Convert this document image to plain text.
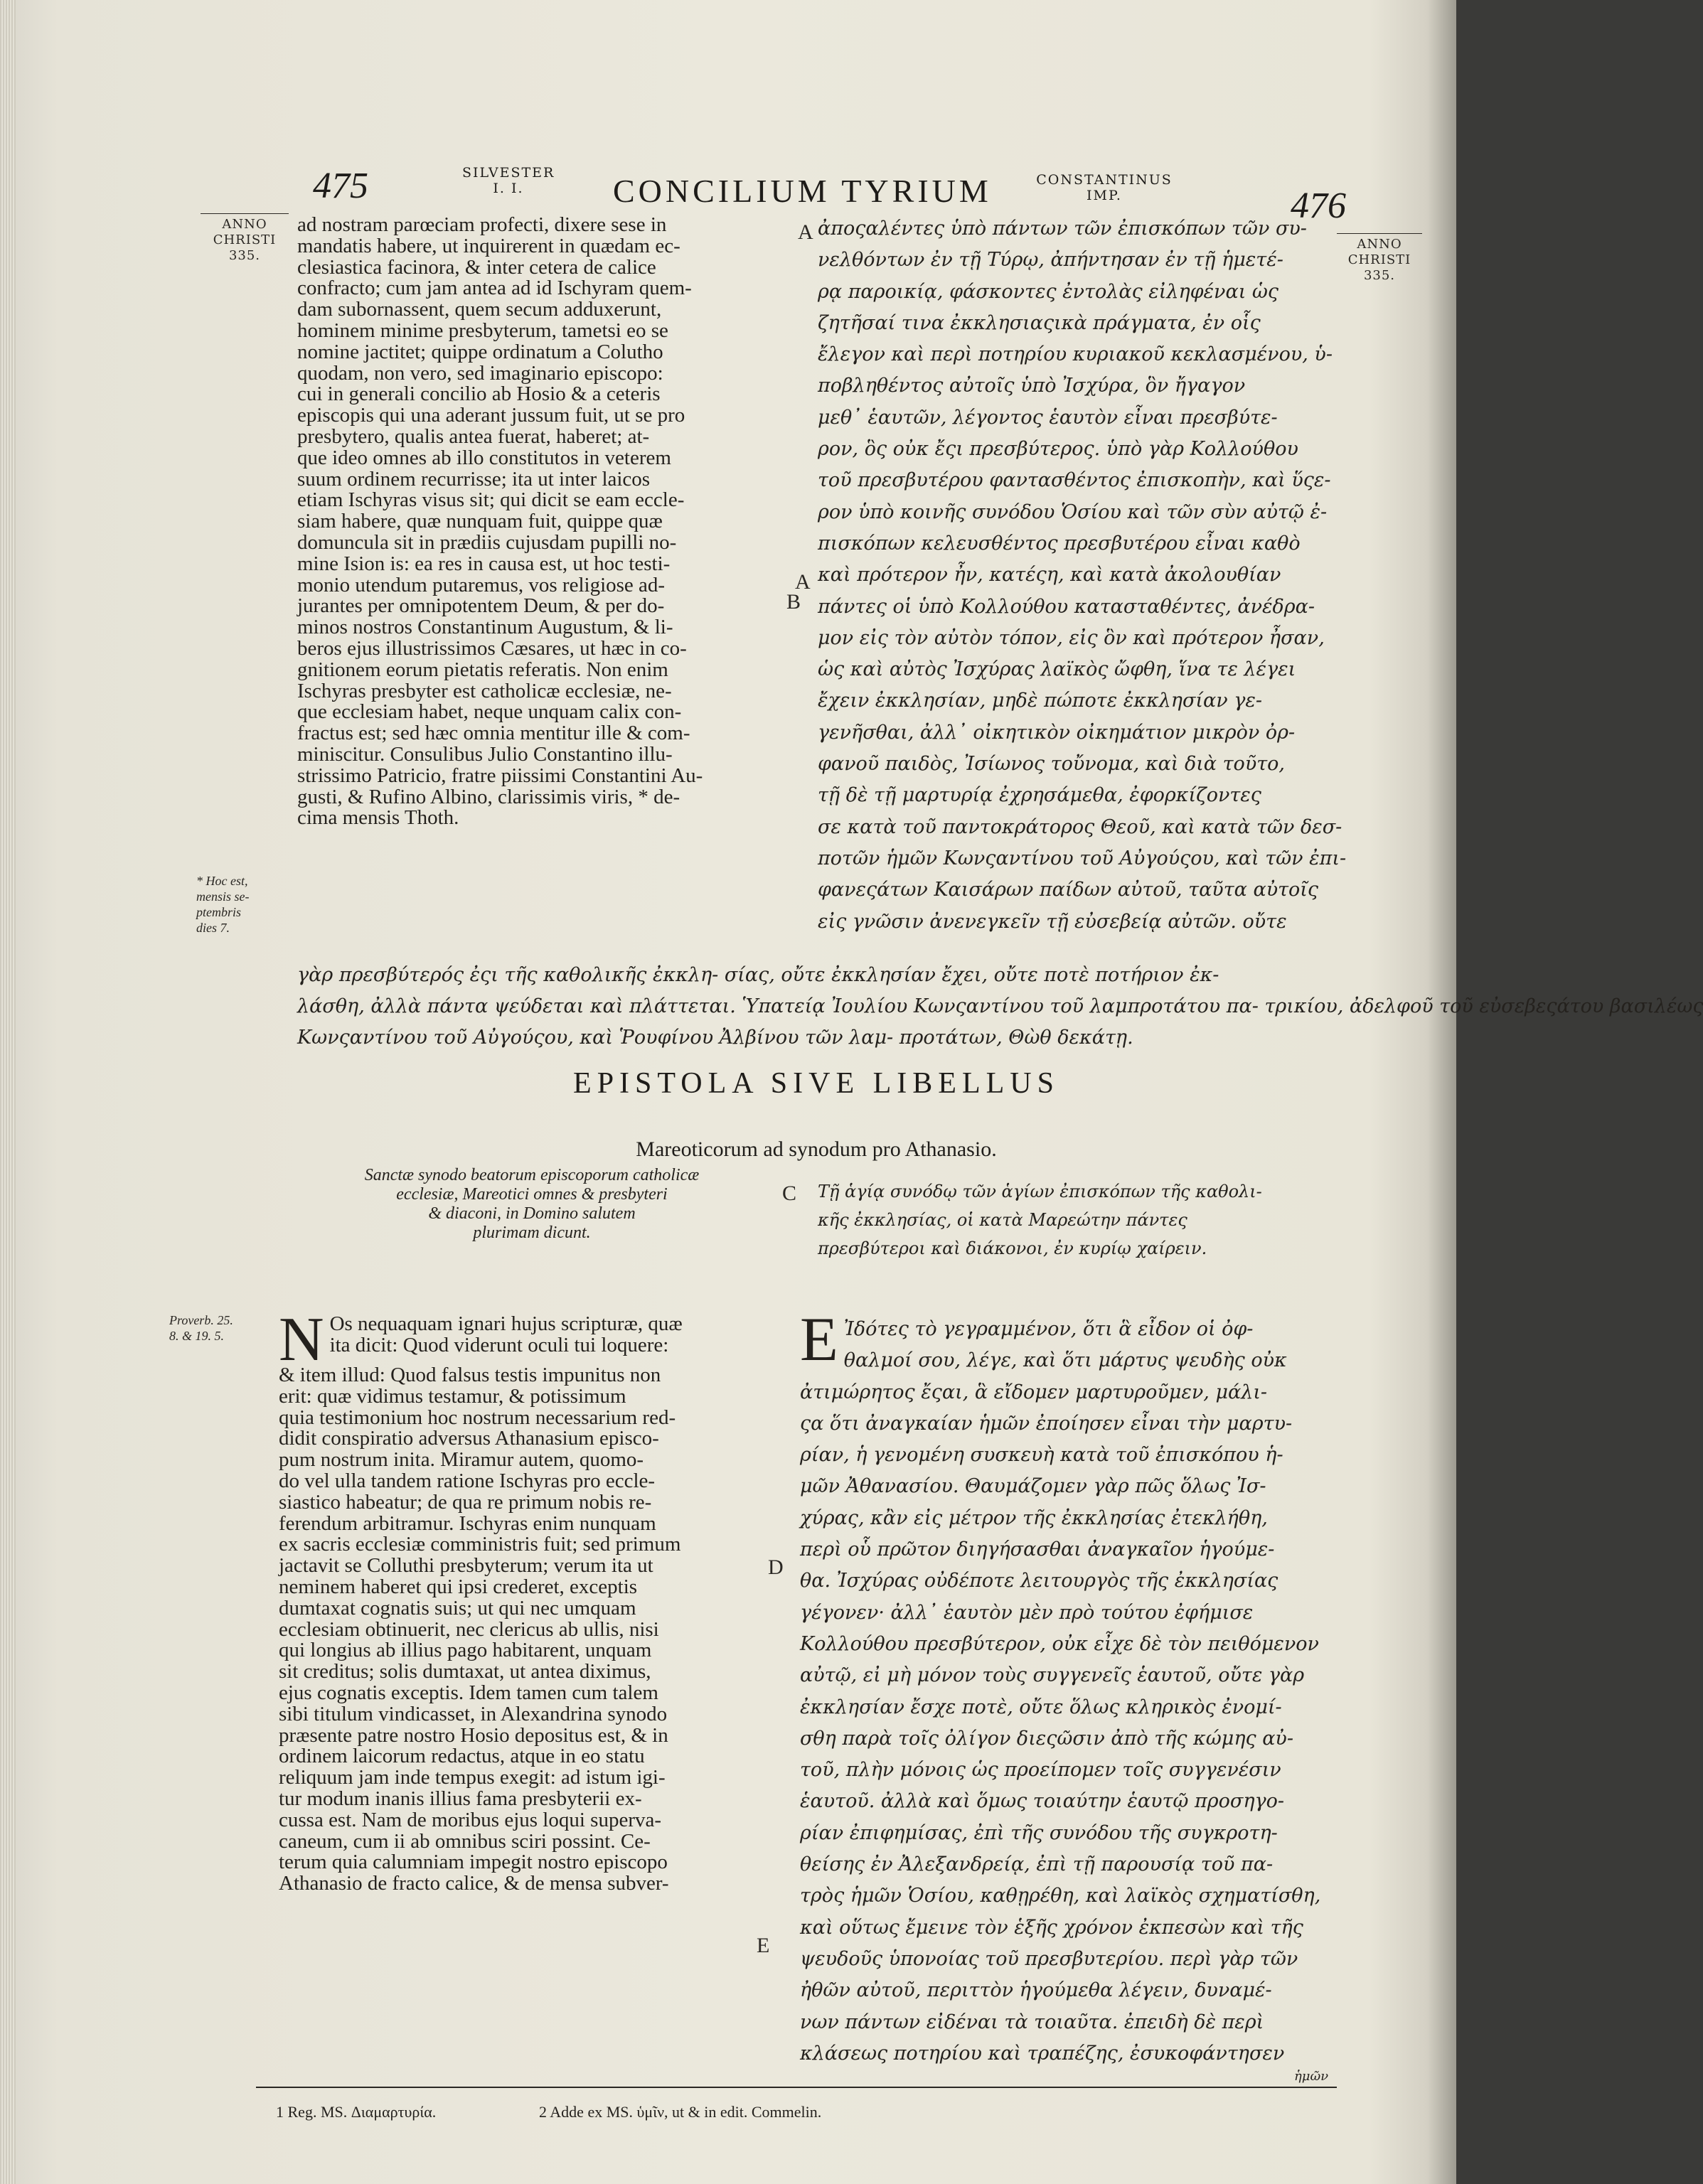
475	SILVESTER
I. I.	CONCILIUM TYRIUM	CONSTANTINUS
IMP.	476
ANNO
CHRISTI
335.
ANNO
CHRISTI
335.
A
A
B
C
D
E
* Hoc est,
mensis se-
ptembris
dies 7.
ad nostram parœciam profecti, dixere sese in
mandatis habere, ut inquirerent in quædam ec-
clesiastica facinora, & inter cetera de calice
confracto; cum jam antea ad id Ischyram quem-
dam subornassent, quem secum adduxerunt,
hominem minime presbyterum, tametsi eo se
nomine jactitet; quippe ordinatum a Colutho
quodam, non vero, sed imaginario episcopo:
cui in generali concilio ab Hosio & a ceteris
episcopis qui una aderant jussum fuit, ut se pro
presbytero, qualis antea fuerat, haberet; at-
que ideo omnes ab illo constitutos in veterem
suum ordinem recurrisse; ita ut inter laicos
etiam Ischyras visus sit; qui dicit se eam eccle-
siam habere, quæ nunquam fuit, quippe quæ
domuncula sit in prædiis cujusdam pupilli no-
mine Ision is: ea res in causa est, ut hoc testi-
monio utendum putaremus, vos religiose ad-
jurantes per omnipotentem Deum, & per do-
minos nostros Constantinum Augustum, & li-
beros ejus illustrissimos Cæsares, ut hæc in co-
gnitionem eorum pietatis referatis. Non enim
Ischyras presbyter est catholicæ ecclesiæ, ne-
que ecclesiam habet, neque unquam calix con-
fractus est; sed hæc omnia mentitur ille & com-
miniscitur. Consulibus Julio Constantino illu-
strissimo Patricio, fratre piissimi Constantini Au-
gusti, & Rufino Albino, clarissimis viris, * de-
cima mensis Thoth.
ἀποςαλέντες ὑπὸ πάντων τῶν ἐπισκόπων τῶν συ-
νελθόντων ἐν τῇ Τύρῳ, ἀπήντησαν ἐν τῇ ἡμετέ-
ρᾳ παροικίᾳ, φάσκοντες ἐντολὰς εἰληφέναι ὡς
ζητῆσαί τινα ἐκκλησιαςικὰ πράγματα, ἐν οἷς
ἔλεγον καὶ περὶ ποτηρίου κυριακοῦ κεκλασμένου, ὑ-
ποβληθέντος αὐτοῖς ὑπὸ Ἰσχύρα, ὃν ἤγαγον
μεθ᾽ ἑαυτῶν, λέγοντος ἑαυτὸν εἶναι πρεσβύτε-
ρον, ὃς οὐκ ἔςι πρεσβύτερος. ὑπὸ γὰρ Κολλούθου
τοῦ πρεσβυτέρου φαντασθέντος ἐπισκοπὴν, καὶ ὕςε-
ρον ὑπὸ κοινῆς συνόδου Ὁσίου καὶ τῶν σὺν αὐτῷ ἐ-
πισκόπων κελευσθέντος πρεσβυτέρου εἶναι καθὸ
καὶ πρότερον ἦν, κατέςη, καὶ κατὰ ἀκολουθίαν
πάντες οἱ ὑπὸ Κολλούθου κατασταθέντες, ἀνέδρα-
μον εἰς τὸν αὐτὸν τόπον, εἰς ὃν καὶ πρότερον ἦσαν,
ὡς καὶ αὐτὸς Ἰσχύρας λαϊκὸς ὤφθη, ἵνα τε λέγει
ἔχειν ἐκκλησίαν, μηδὲ πώποτε ἐκκλησίαν γε-
γενῆσθαι, ἀλλ᾽ οἰκητικὸν οἰκημάτιον μικρὸν ὀρ-
φανοῦ παιδὸς, Ἰσίωνος τοὔνομα, καὶ διὰ τοῦτο,
τῇ δὲ τῇ μαρτυρίᾳ ἐχρησάμεθα, ἐφορκίζοντες
σε κατὰ τοῦ παντοκράτορος Θεοῦ, καὶ κατὰ τῶν δεσ-
ποτῶν ἡμῶν Κωνςαντίνου τοῦ Αὐγούςου, καὶ τῶν ἐπι-
φανεςάτων Καισάρων παίδων αὐτοῦ, ταῦτα αὐτοῖς
εἰς γνῶσιν ἀνενεγκεῖν τῇ εὐσεβείᾳ αὐτῶν. οὔτε
γὰρ πρεσβύτερός ἐςι τῆς καθολικῆς ἐκκλη- σίας, οὔτε ἐκκλησίαν ἔχει, οὔτε ποτὲ ποτήριον ἐκ-
λάσθη, ἀλλὰ πάντα ψεύδεται καὶ πλάττεται. Ὑπατείᾳ Ἰουλίου Κωνςαντίνου τοῦ λαμπροτάτου πα- τρικίου, ἀδελφοῦ τοῦ εὐσεβεςάτου βασιλέως
Κωνςαντίνου τοῦ Αὐγούςου, καὶ Ῥουφίνου Ἀλβίνου τῶν λαμ- προτάτων, Θὼθ δεκάτῃ.
EPISTOLA SIVE LIBELLUS
Mareoticorum ad synodum pro Athanasio.
Sanctæ synodo beatorum episcoporum catholicæ
ecclesiæ, Mareotici omnes & presbyteri
& diaconi, in Domino salutem
plurimam dicunt.
Τῇ ἁγίᾳ συνόδῳ τῶν ἁγίων ἐπισκόπων τῆς καθολι-
κῆς ἐκκλησίας, οἱ κατὰ Μαρεώτην πάντες
πρεσβύτεροι καὶ διάκονοι, ἐν κυρίῳ χαίρειν.
Proverb. 25.
8. & 19. 5. N Os nequaquam ignari hujus scripturæ, quæ
ita dicit: Quod viderunt oculi tui loquere:
& item illud: Quod falsus testis impunitus non
erit: quæ vidimus testamur, & potissimum
quia testimonium hoc nostrum necessarium red-
didit conspiratio adversus Athanasium episco-
pum nostrum inita. Miramur autem, quomo-
do vel ulla tandem ratione Ischyras pro eccle-
siastico habeatur; de qua re primum nobis re-
ferendum arbitramur. Ischyras enim nunquam
ex sacris ecclesiæ comministris fuit; sed primum
jactavit se Colluthi presbyterum; verum ita ut
neminem haberet qui ipsi crederet, exceptis
dumtaxat cognatis suis; ut qui nec umquam
ecclesiam obtinuerit, nec clericus ab ullis, nisi
qui longius ab illius pago habitarent, unquam
sit creditus; solis dumtaxat, ut antea diximus,
ejus cognatis exceptis. Idem tamen cum talem
sibi titulum vindicasset, in Alexandrina synodo
præsente patre nostro Hosio depositus est, & in
ordinem laicorum redactus, atque in eo statu
reliquum jam inde tempus exegit: ad istum igi-
tur modum inanis illius fama presbyterii ex-
cussa est. Nam de moribus ejus loqui superva-
caneum, cum ii ab omnibus sciri possint. Ce-
terum quia calumniam impegit nostro episcopo
Athanasio de fracto calice, & de mensa subver-
Ε Ἰδότες τὸ γεγραμμένον, ὅτι ἃ εἶδον οἱ ὀφ-
θαλμοί σου, λέγε, καὶ ὅτι μάρτυς ψευδὴς οὐκ
ἀτιμώρητος ἔςαι, ἃ εἴδομεν μαρτυροῦμεν, μάλι-
ςα ὅτι ἀναγκαίαν ἡμῶν ἐποίησεν εἶναι τὴν μαρτυ-
ρίαν, ἡ γενομένη συσκευὴ κατὰ τοῦ ἐπισκόπου ἡ-
μῶν Ἀθανασίου. Θαυμάζομεν γὰρ πῶς ὅλως Ἰσ-
χύρας, κἂν εἰς μέτρον τῆς ἐκκλησίας ἐτεκλήθη,
περὶ οὗ πρῶτον διηγήσασθαι ἀναγκαῖον ἡγούμε-
θα. Ἰσχύρας οὐδέποτε λειτουργὸς τῆς ἐκκλησίας
γέγονεν· ἀλλ᾽ ἑαυτὸν μὲν πρὸ τούτου ἐφήμισε
Κολλούθου πρεσβύτερον, οὐκ εἶχε δὲ τὸν πειθόμενον
αὐτῷ, εἰ μὴ μόνον τοὺς συγγενεῖς ἑαυτοῦ, οὔτε γὰρ
ἐκκλησίαν ἔσχε ποτὲ, οὔτε ὅλως κληρικὸς ἐνομί-
σθη παρὰ τοῖς ὀλίγον διεςῶσιν ἀπὸ τῆς κώμης αὐ-
τοῦ, πλὴν μόνοις ὡς προείπομεν τοῖς συγγενέσιν
ἑαυτοῦ. ἀλλὰ καὶ ὅμως τοιαύτην ἑαυτῷ προσηγο-
ρίαν ἐπιφημίσας, ἐπὶ τῆς συνόδου τῆς συγκροτη-
θείσης ἐν Ἀλεξανδρείᾳ, ἐπὶ τῇ παρουσίᾳ τοῦ πα-
τρὸς ἡμῶν Ὁσίου, καθῃρέθη, καὶ λαϊκὸς σχηματίσθη,
καὶ οὕτως ἔμεινε τὸν ἑξῆς χρόνον ἐκπεσὼν καὶ τῆς
ψευδοῦς ὑπονοίας τοῦ πρεσβυτερίου. περὶ γὰρ τῶν
ἠθῶν αὐτοῦ, περιττὸν ἡγούμεθα λέγειν, δυναμέ-
νων πάντων εἰδέναι τὰ τοιαῦτα. ἐπειδὴ δὲ περὶ
κλάσεως ποτηρίου καὶ τραπέζης, ἐσυκοφάντησεν
ἡμῶν
1 Reg. MS. Διαμαρτυρία.	2 Adde ex MS. ὑμῖν, ut & in edit. Commelin.
